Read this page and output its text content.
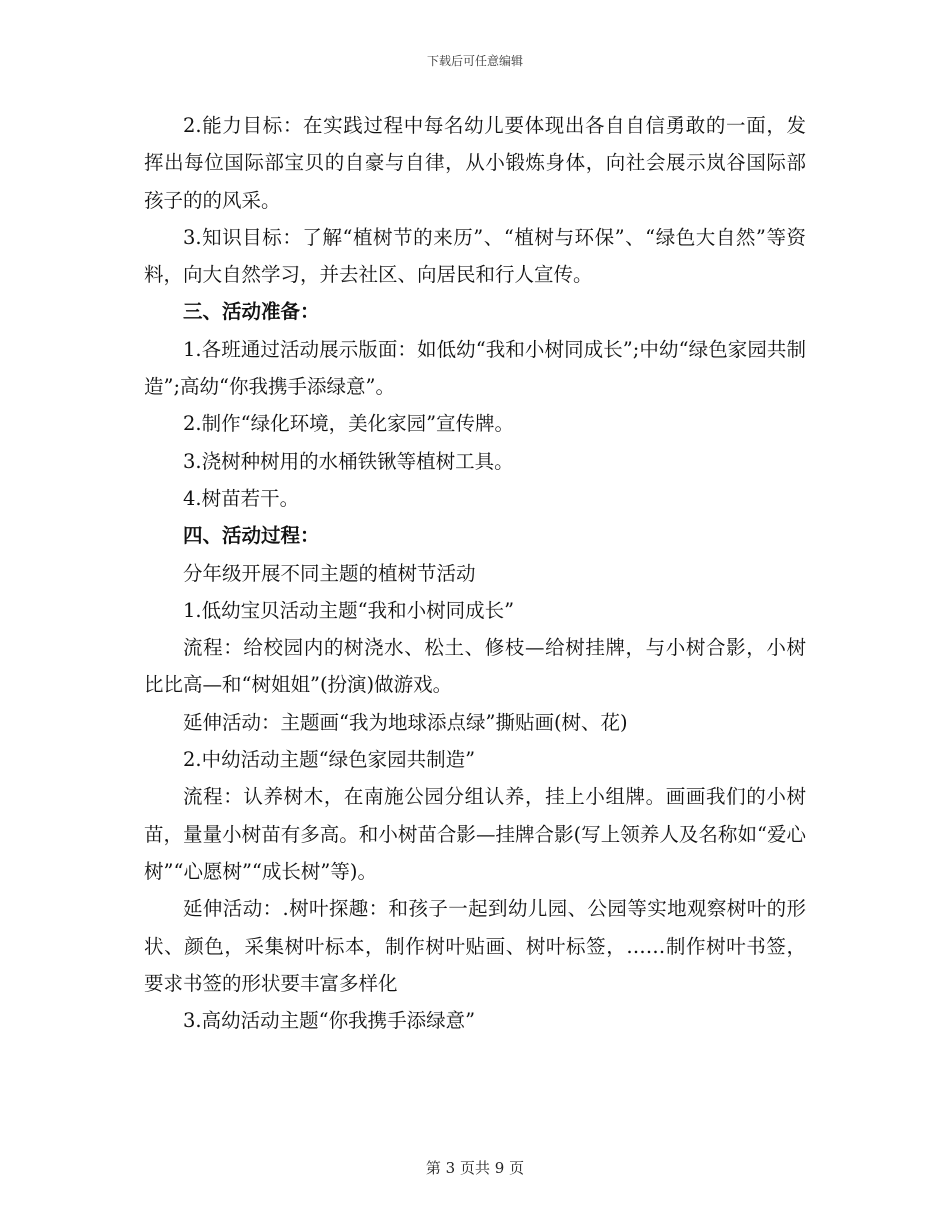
下载后可任意编辑

2.能力目标：在实践过程中每名幼儿要体现出各自自信勇敢的一面，发挥出每位国际部宝贝的自豪与自律，从小锻炼身体，向社会展示岚谷国际部孩子的的风采。

3.知识目标：了解“植树节的来历”、“植树与环保”、“绿色大自然”等资料，向大自然学习，并去社区、向居民和行人宣传。

三、活动准备：

1.各班通过活动展示版面：如低幼“我和小树同成长”;中幼“绿色家园共制造”;高幼“你我携手添绿意”。

2.制作“绿化环境，美化家园”宣传牌。

3.浇树种树用的水桶铁锹等植树工具。

4.树苗若干。

四、活动过程：

分年级开展不同主题的植树节活动

1.低幼宝贝活动主题“我和小树同成长”

流程：给校园内的树浇水、松土、修枝—给树挂牌，与小树合影，小树比比高—和“树姐姐”(扮演)做游戏。

延伸活动：主题画“我为地球添点绿”撕贴画(树、花)

2.中幼活动主题“绿色家园共制造”

流程：认养树木，在南施公园分组认养，挂上小组牌。画画我们的小树苗，量量小树苗有多高。和小树苗合影—挂牌合影(写上领养人及名称如“爱心树”“心愿树”“成长树”等)。

延伸活动：.树叶探趣：和孩子一起到幼儿园、公园等实地观察树叶的形状、颜色，采集树叶标本，制作树叶贴画、树叶标签，……制作树叶书签，要求书签的形状要丰富多样化

3.高幼活动主题“你我携手添绿意”

第 3 页共 9 页
